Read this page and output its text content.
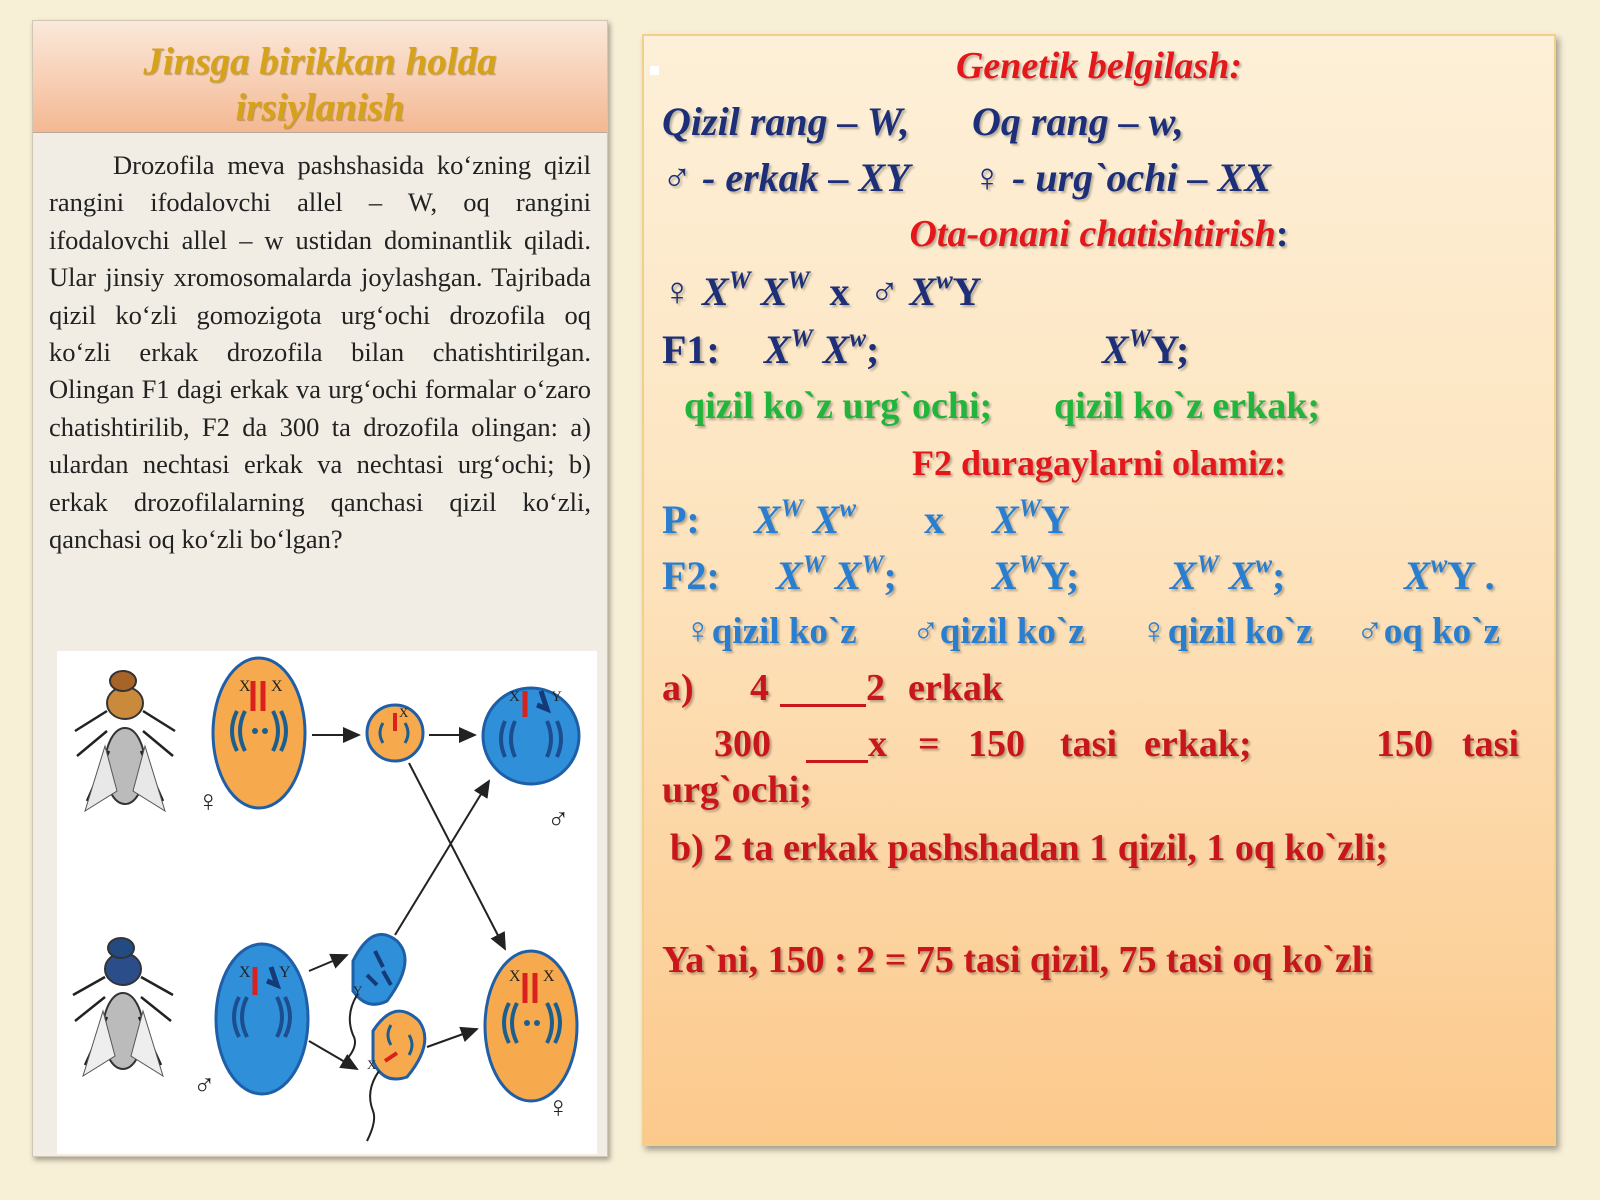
Jinsga birikkan holda
irsiylanish
Drozofila meva pashshasida ko‘zning qizil rangini ifodalovchi allel – W, oq rangini ifodalovchi allel – w ustidan dominantlik qiladi. Ular jinsiy xromosomalarda joylashgan. Tajribada qizil ko‘zli gomozigota urg‘ochi drozofila oq ko‘zli erkak drozofila bilan chatishtirilgan. Olingan F1 dagi erkak va urg‘ochi formalar o‘zaro chatishtirilib, F2 da 300 ta drozofila olingan: a) ulardan nechtasi erkak va nechtasi urg‘ochi; b) erkak drozofilalarning qanchasi qizil ko‘zli, qanchasi oq ko‘zli bo‘lgan?
X X
X
X Y
X Y
Y
X
X X
♀
♂
♂
♀
Genetik belgilash:
Qizil rang – W, Oq rang – w,
♂ - erkak – XY ♀ - urg`ochi – XX
Ota-onani chatishtirish:
♀ $X^W$ $X^W$ x ♂ $X^wY$
F1: $X^W$ $X^w$;	$X^WY$;
qizil ko`z urg`ochi; qizil ko`z erkak;
F2 duragaylarni olamiz:
P: $X^W$ $X^w$ x $X^WY$
F2: $X^W$ $X^W$; $X^WY$; $X^W$ $X^w$;	$X^wY$ .
♀qizil ko`z ♂qizil ko`z ♀qizil ko`z ♂oq ko`z
a) 4	2 erkak
300	x = 150 tasi erkak;	150 tasi
urg`ochi;
b) 2 ta erkak pashshadan 1 qizil, 1 oq ko`zli;
Ya`ni, 150 : 2 = 75 tasi qizil, 75 tasi oq ko`zli
